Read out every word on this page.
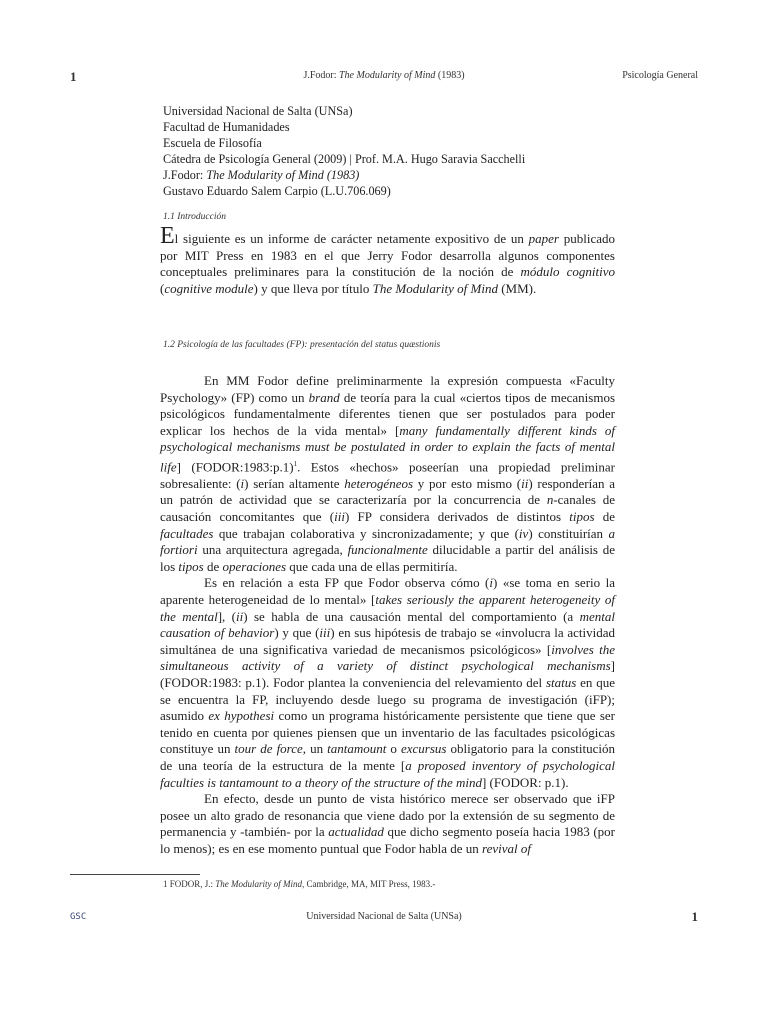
1	J.Fodor: The Modularity of Mind (1983)	Psicología General
Universidad Nacional de Salta (UNSa)
Facultad de Humanidades
Escuela de Filosofía
Cátedra de Psicología General (2009) | Prof. M.A. Hugo Saravia Sacchelli
J.Fodor: The Modularity of Mind (1983)
Gustavo Eduardo Salem Carpio (L.U.706.069)
1.1 Introducción
El siguiente es un informe de carácter netamente expositivo de un paper publicado por MIT Press en 1983 en el que Jerry Fodor desarrolla algunos componentes conceptuales preliminares para la constitución de la noción de módulo cognitivo (cognitive module) y que lleva por título The Modularity of Mind (MM).
1.2 Psicología de las facultades (FP): presentación del status quæstionis

En MM Fodor define preliminarmente la expresión compuesta «Faculty Psychology» (FP) como un brand de teoría para la cual «ciertos tipos de mecanismos psicológicos fundamentalmente diferentes tienen que ser postulados para poder explicar los hechos de la vida mental» [many fundamentally different kinds of psychological mechanisms must be postulated in order to explain the facts of mental life] (FODOR:1983:p.1)$^1$. Estos «hechos» poseerían una propiedad preliminar sobresaliente: (i) serían altamente heterogéneos y por esto mismo (ii) responderían a un patrón de actividad que se caracterizaría por la concurrencia de n-canales de causación concomitantes que (iii) FP considera derivados de distintos tipos de facultades que trabajan colaborativa y sincronizadamente; y que (iv) constituirían a fortiori una arquitectura agregada, funcionalmente dilucidable a partir del análisis de los tipos de operaciones que cada una de ellas permitiría.

Es en relación a esta FP que Fodor observa cómo (i) «se toma en serio la aparente heterogeneidad de lo mental» [takes seriously the apparent heterogeneity of the mental], (ii) se habla de una causación mental del comportamiento (a mental causation of behavior) y que (iii) en sus hipótesis de trabajo se «involucra la actividad simultánea de una significativa variedad de mecanismos psicológicos» [involves the simultaneous activity of a variety of distinct psychological mechanisms] (FODOR:1983: p.1). Fodor plantea la conveniencia del relevamiento del status en que se encuentra la FP, incluyendo desde luego su programa de investigación (iFP); asumido ex hypothesi como un programa históricamente persistente que tiene que ser tenido en cuenta por quienes piensen que un inventario de las facultades psicológicas constituye un tour de force, un tantamount o excursus obligatorio para la constitución de una teoría de la estructura de la mente [a proposed inventory of psychological faculties is tantamount to a theory of the structure of the mind] (FODOR: p.1).

En efecto, desde un punto de vista histórico merece ser observado que iFP posee un alto grado de resonancia que viene dado por la extensión de su segmento de permanencia y -también- por la actualidad que dicho segmento poseía hacia 1983 (por lo menos); es en ese momento puntual que Fodor habla de un revival of

1 FODOR, J.: The Modularity of Mind, Cambridge, MA, MIT Press, 1983.-
GSC	Universidad Nacional de Salta (UNSa)	1
